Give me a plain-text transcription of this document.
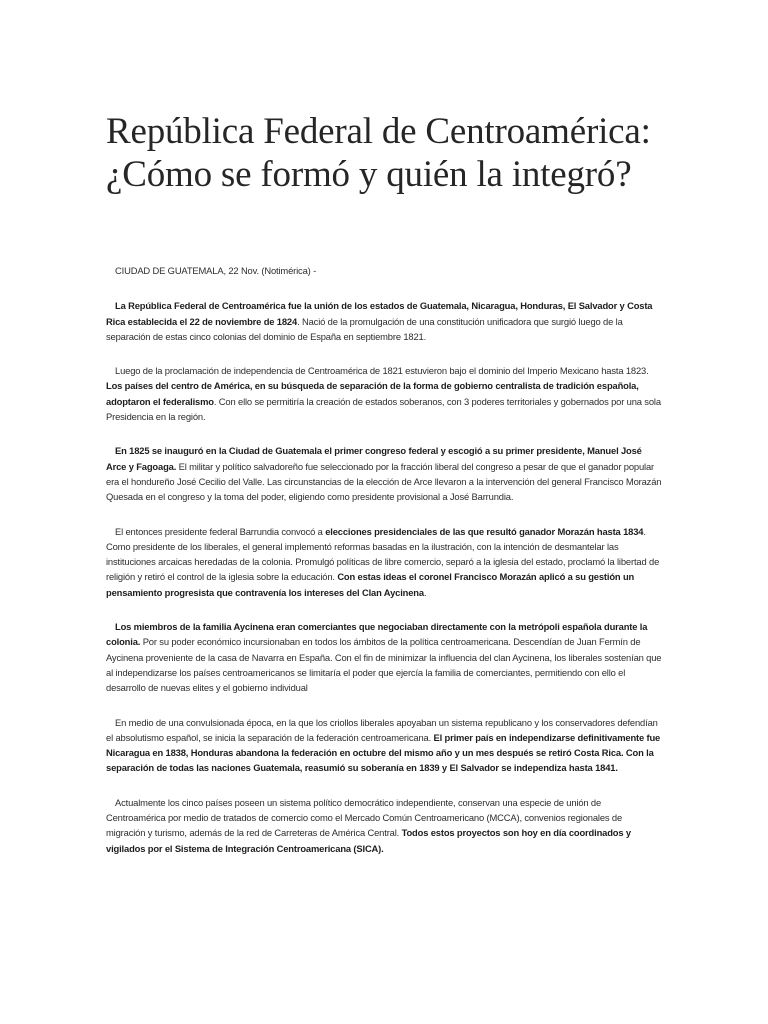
República Federal de Centroamérica: ¿Cómo se formó y quién la integró?

CIUDAD DE GUATEMALA, 22 Nov. (Notimérica) -

La República Federal de Centroamérica fue la unión de los estados de Guatemala, Nicaragua, Honduras, El Salvador y Costa Rica establecida el 22 de noviembre de 1824. Nació de la promulgación de una constitución unificadora que surgió luego de la separación de estas cinco colonias del dominio de España en septiembre 1821.

Luego de la proclamación de independencia de Centroamérica de 1821 estuvieron bajo el dominio del Imperio Mexicano hasta 1823. Los países del centro de América, en su búsqueda de separación de la forma de gobierno centralista de tradición española, adoptaron el federalismo. Con ello se permitiría la creación de estados soberanos, con 3 poderes territoriales y gobernados por una sola Presidencia en la región.

En 1825 se inauguró en la Ciudad de Guatemala el primer congreso federal y escogió a su primer presidente, Manuel José Arce y Fagoaga. El militar y político salvadoreño fue seleccionado por la fracción liberal del congreso a pesar de que el ganador popular era el hondureño José Cecilio del Valle. Las circunstancias de la elección de Arce llevaron a la intervención del general Francisco Morazán Quesada en el congreso y la toma del poder, eligiendo como presidente provisional a José Barrundia.

El entonces presidente federal Barrundia convocó a elecciones presidenciales de las que resultó ganador Morazán hasta 1834. Como presidente de los liberales, el general implementó reformas basadas en la ilustración, con la intención de desmantelar las instituciones arcaicas heredadas de la colonia. Promulgó políticas de libre comercio, separó a la iglesia del estado, proclamó la libertad de religión y retiró el control de la iglesia sobre la educación. Con estas ideas el coronel Francisco Morazán aplicó a su gestión un pensamiento progresista que contravenía los intereses del Clan Aycinena.

Los miembros de la familia Aycinena eran comerciantes que negociaban directamente con la metrópoli española durante la colonia. Por su poder económico incursionaban en todos los ámbitos de la política centroamericana. Descendían de Juan Fermín de Aycinena proveniente de la casa de Navarra en España. Con el fin de minimizar la influencia del clan Aycinena, los liberales sostenían que al independizarse los países centroamericanos se limitaría el poder que ejercía la familia de comerciantes, permitiendo con ello el desarrollo de nuevas elites y el gobierno individual

En medio de una convulsionada época, en la que los criollos liberales apoyaban un sistema republicano y los conservadores defendían el absolutismo español, se inicia la separación de la federación centroamericana. El primer país en independizarse definitivamente fue Nicaragua en 1838, Honduras abandona la federación en octubre del mismo año y un mes después se retiró Costa Rica. Con la separación de todas las naciones Guatemala, reasumió su soberanía en 1839 y El Salvador se independiza hasta 1841.

Actualmente los cinco países poseen un sistema político democrático independiente, conservan una especie de unión de Centroamérica por medio de tratados de comercio como el Mercado Común Centroamericano (MCCA), convenios regionales de migración y turismo, además de la red de Carreteras de América Central. Todos estos proyectos son hoy en día coordinados y vigilados por el Sistema de Integración Centroamericana (SICA).
